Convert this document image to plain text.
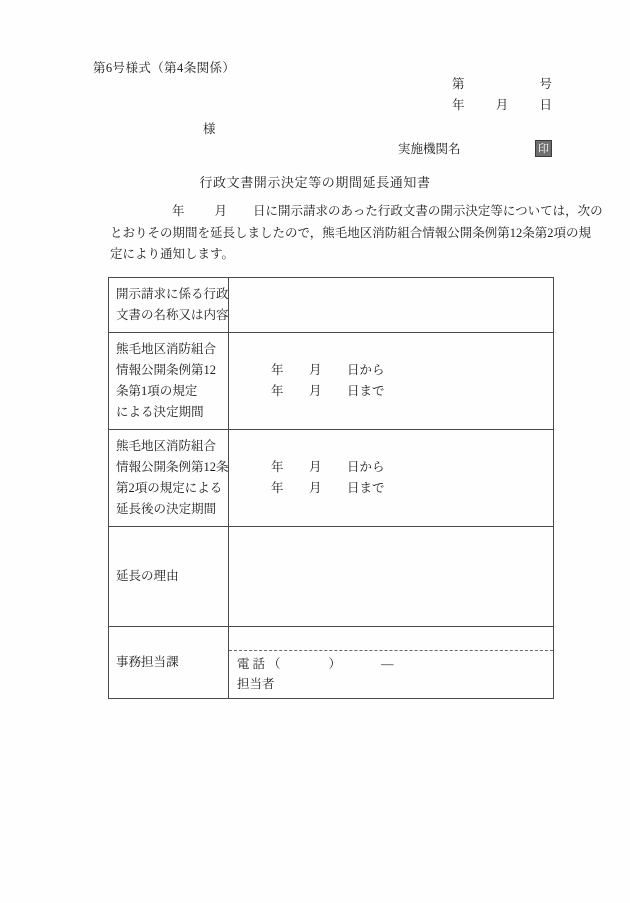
第6号様式（第4条関係）
第	号
年 月 日
様
実施機関名	印
行政文書開示決定等の期間延長通知書
年 月 日に開示請求のあった行政文書の開示決定等については，次の
とおりその期間を延長しましたので，熊毛地区消防組合情報公開条例第12条第2項の規
定により通知します。
開示請求に係る行政
文書の名称又は内容	

熊毛地区消防組合
情報公開条例第12
条第1項の規定
による決定期間	年 月 日から
年 月 日まで

熊毛地区消防組合
情報公開条例第12条
第2項の規定による
延長後の決定期間	年 月 日から
年 月 日まで

延長の理由	

事務担当課	電話（ ） —
担当者
